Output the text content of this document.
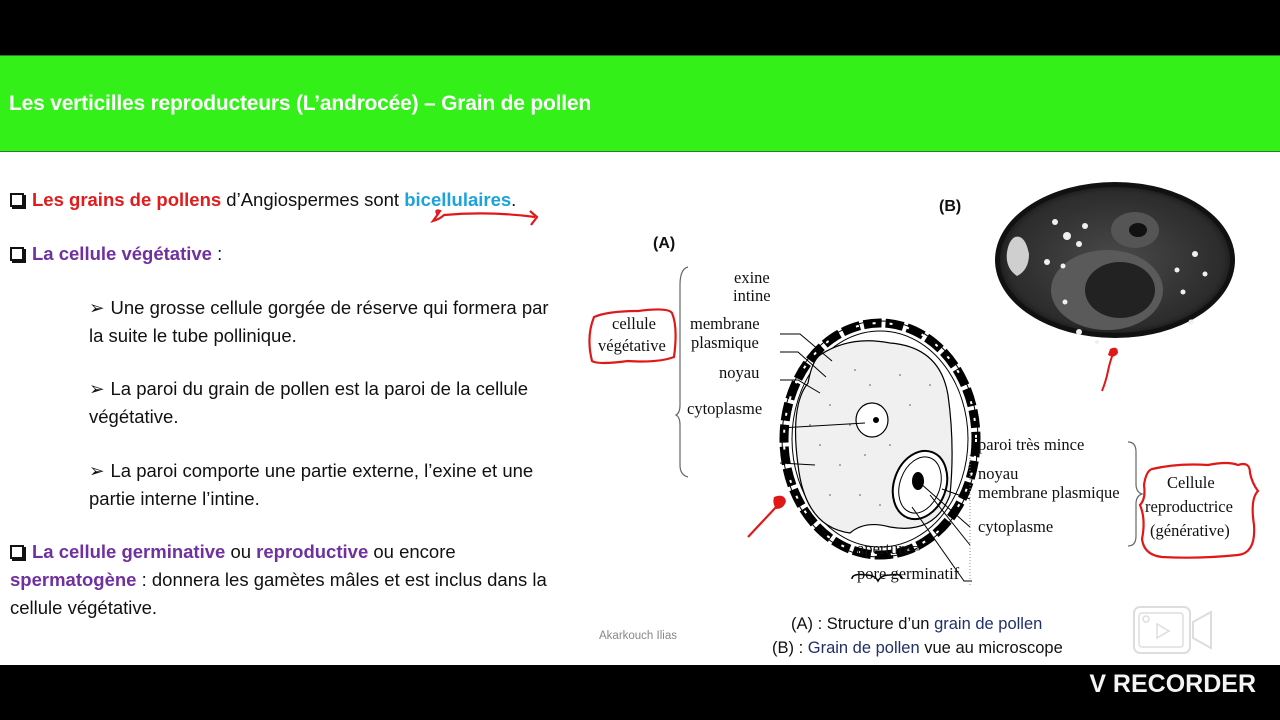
Les verticilles reproducteurs (L’androcée) – Grain de pollen
Les grains de pollens d’Angiospermes sont bicellulaires.
La cellule végétative :
➢ Une grosse cellule gorgée de réserve qui formera par
la suite le tube pollinique.
➢ La paroi du grain de pollen est la paroi de la cellule
végétative.
➢ La paroi comporte une partie externe, l’exine et une
partie interne l’intine.
La cellule germinative ou reproductive ou encore
spermatogène : donnera les gamètes mâles et est inclus dans la
cellule végétative.
Akarkouch Ilias
(A)
exine
intine
membrane
plasmique
noyau
cytoplasme
cellule
végétative
paroi très mince
noyau
membrane plasmique
cytoplasme
Cellule
reproductrice
(générative)
aperture=
pore germinatif
(B)
(A) : Structure d’un grain de pollen
(B) : Grain de pollen vue au microscope
V RECORDER
